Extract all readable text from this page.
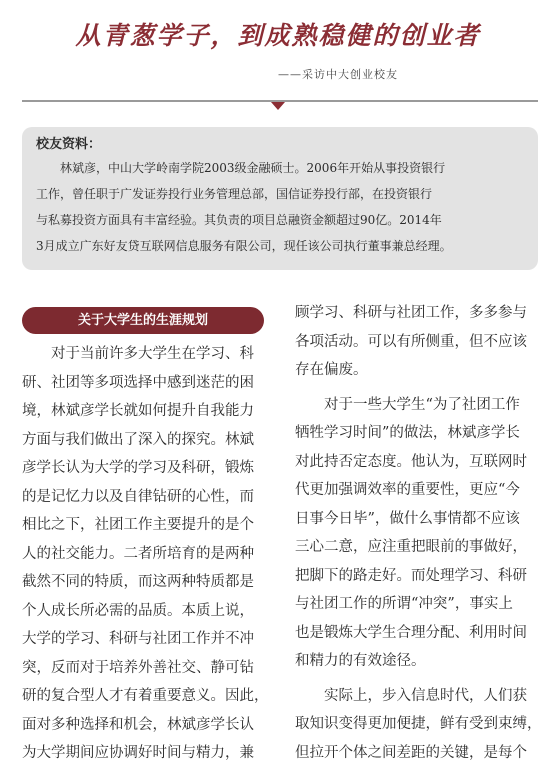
从青葱学子，到成熟稳健的创业者
——采访中大创业校友
校友资料：
　　林斌彦，中山大学岭南学院2003级金融硕士。2006年开始从事投资银行
工作，曾任职于广发证券投行业务管理总部，国信证券投行部，在投资银行
与私募投资方面具有丰富经验。其负责的项目总融资金额超过90亿。2014年
3月成立广东好友贷互联网信息服务有限公司，现任该公司执行董事兼总经理。
关于大学生的生涯规划
　　对于当前许多大学生在学习、科
研、社团等多项选择中感到迷茫的困
境，林斌彦学长就如何提升自我能力
方面与我们做出了深入的探究。林斌
彦学长认为大学的学习及科研，锻炼
的是记忆力以及自律钻研的心性，而
相比之下，社团工作主要提升的是个
人的社交能力。二者所培育的是两种
截然不同的特质，而这两种特质都是
个人成长所必需的品质。本质上说，
大学的学习、科研与社团工作并不冲
突，反而对于培养外善社交、静可钻
研的复合型人才有着重要意义。因此，
面对多种选择和机会，林斌彦学长认
为大学期间应协调好时间与精力，兼
顾学习、科研与社团工作，多多参与
各项活动。可以有所侧重，但不应该
存在偏废。
　　对于一些大学生“为了社团工作
牺牲学习时间”的做法，林斌彦学长
对此持否定态度。他认为，互联网时
代更加强调效率的重要性，更应“今
日事今日毕”，做什么事情都不应该
三心二意，应注重把眼前的事做好，
把脚下的路走好。而处理学习、科研
与社团工作的所谓“冲突”，事实上
也是锻炼大学生合理分配、利用时间
和精力的有效途径。
　　实际上，步入信息时代，人们获
取知识变得更加便捷，鲜有受到束缚，
但拉开个体之间差距的关键，是每个
